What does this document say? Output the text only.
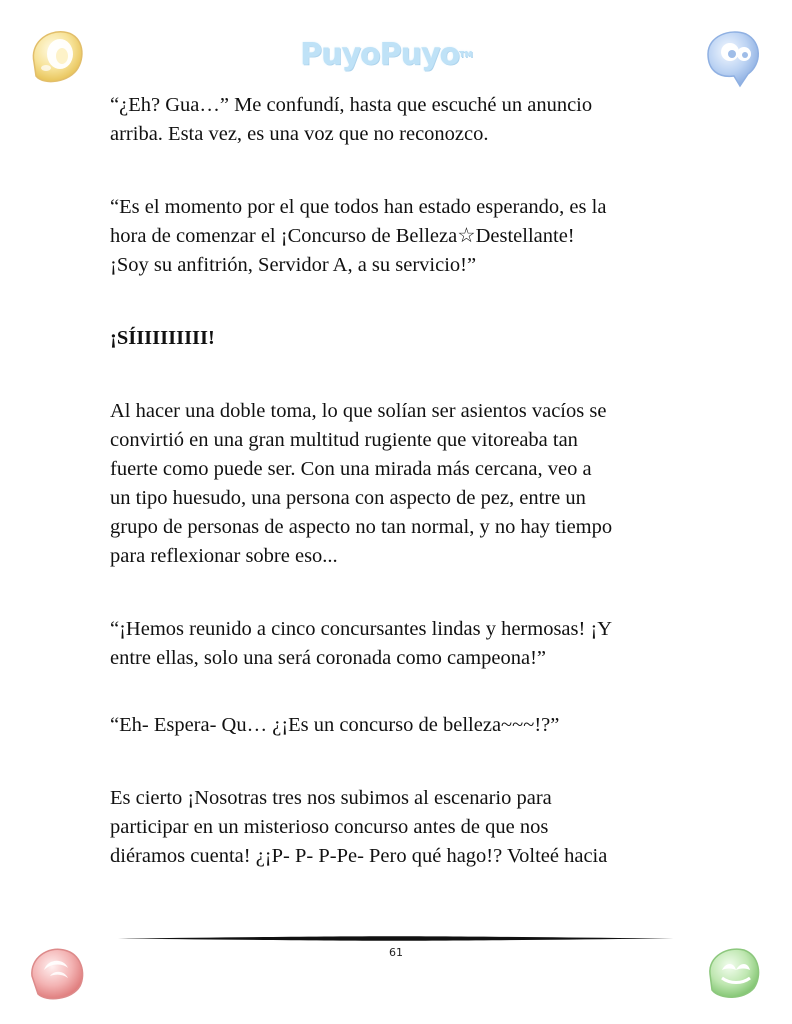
PuyoPuyoTM

“¿Eh? Gua…” Me confundí, hasta que escuché un anuncio
arriba. Esta vez, es una voz que no reconozco.

“Es el momento por el que todos han estado esperando, es la
hora de comenzar el ¡Concurso de Belleza☆Destellante!
¡Soy su anfitrión, Servidor A, a su servicio!”

¡SÍIIIIIIIII!

Al hacer una doble toma, lo que solían ser asientos vacíos se
convirtió en una gran multitud rugiente que vitoreaba tan
fuerte como puede ser. Con una mirada más cercana, veo a
un tipo huesudo, una persona con aspecto de pez, entre un
grupo de personas de aspecto no tan normal, y no hay tiempo
para reflexionar sobre eso...

“¡Hemos reunido a cinco concursantes lindas y hermosas! ¡Y
entre ellas, solo una será coronada como campeona!”

“Eh- Espera- Qu… ¿¡Es un concurso de belleza~~~!?”

Es cierto ¡Nosotras tres nos subimos al escenario para
participar en un misterioso concurso antes de que nos
diéramos cuenta! ¿¡P- P- P-Pe- Pero qué hago!? Volteé hacia

61
